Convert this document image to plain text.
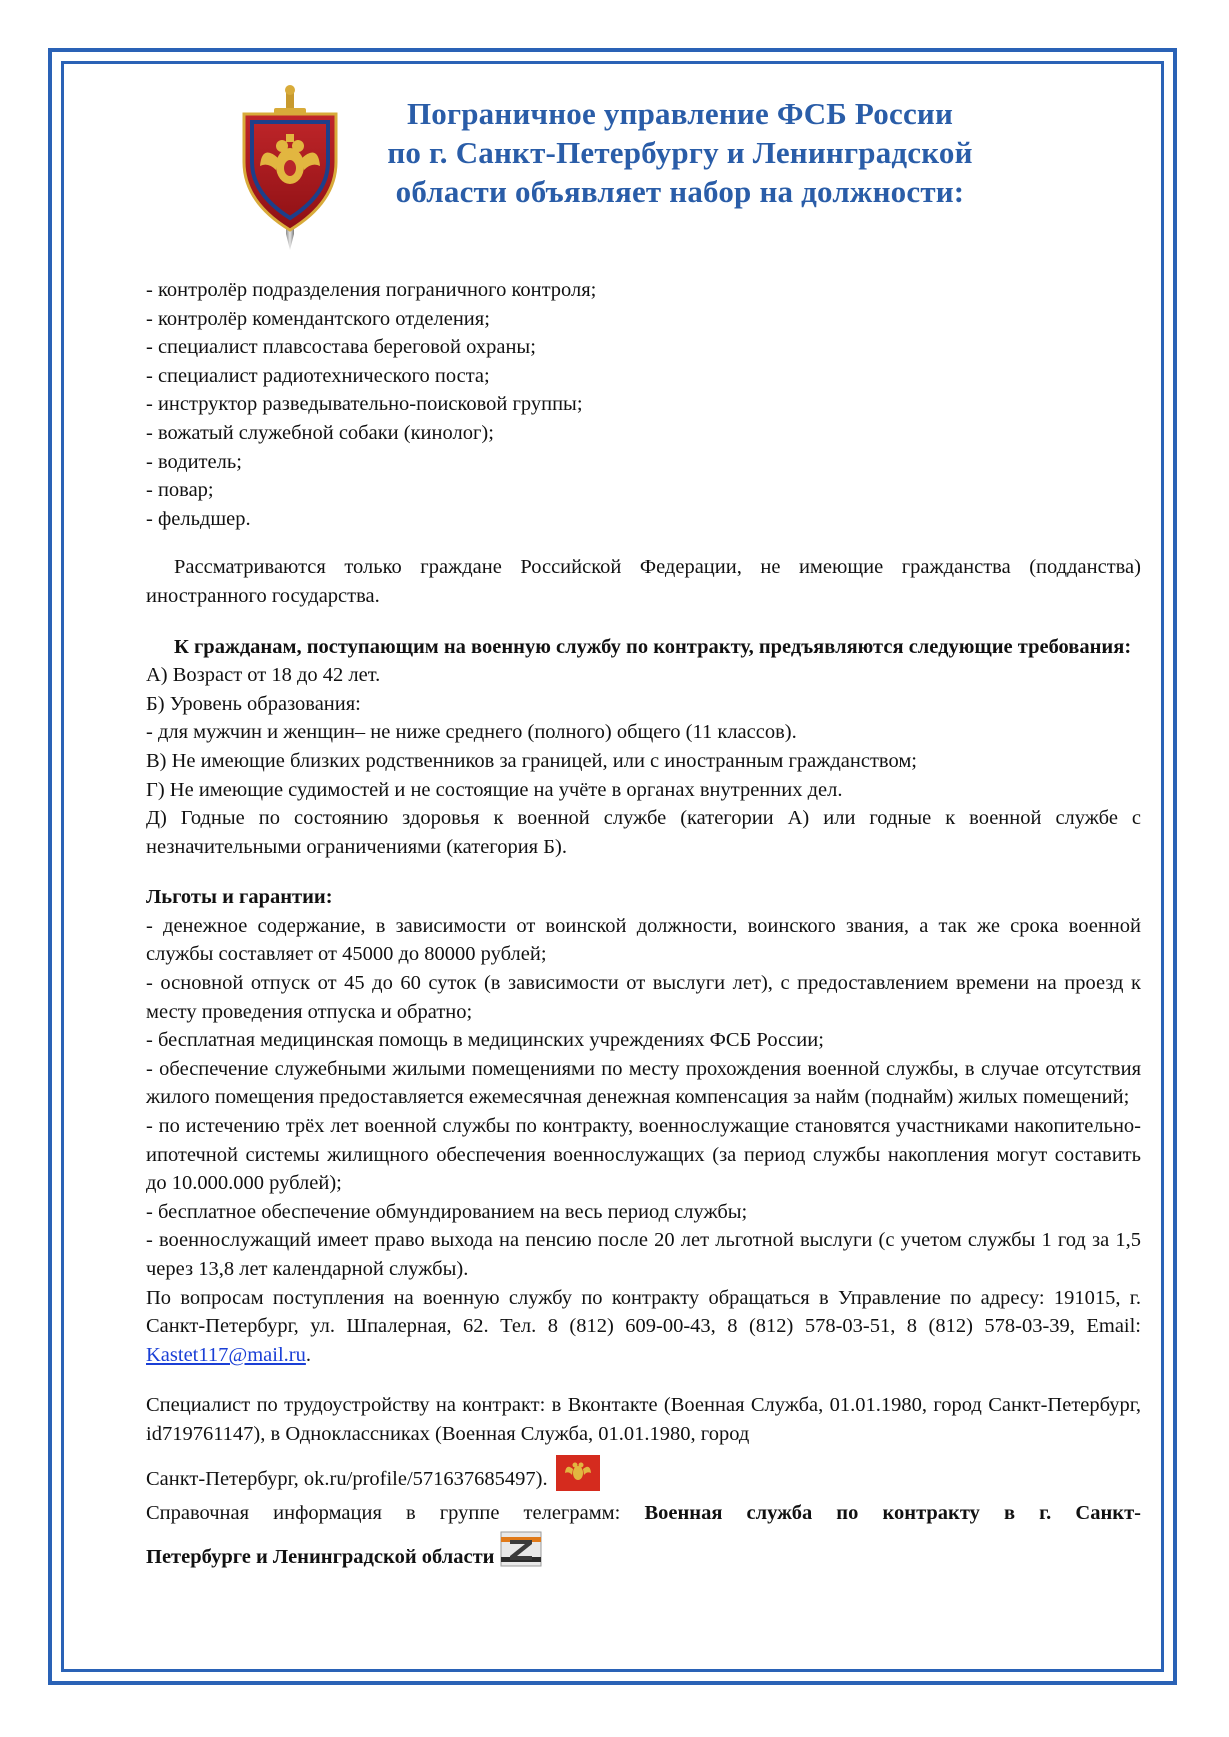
Пограничное управление ФСБ России
по г. Санкт-Петербургу и Ленинградской
области объявляет набор на должности:
- контролёр подразделения пограничного контроля;
- контролёр комендантского отделения;
- специалист плавсостава береговой охраны;
- специалист радиотехнического поста;
- инструктор разведывательно-поисковой группы;
- вожатый служебной собаки (кинолог);
- водитель;
- повар;
- фельдшер.

Рассматриваются только граждане Российской Федерации, не имеющие гражданства (подданства) иностранного государства.

К гражданам, поступающим на военную службу по контракту, предъявляются следующие требования:

А) Возраст от 18 до 42 лет.
Б) Уровень образования:
- для мужчин и женщин– не ниже среднего (полного) общего (11 классов).
В) Не имеющие близких родственников за границей, или с иностранным гражданством;
Г) Не имеющие судимостей и не состоящие на учёте в органах внутренних дел.
Д) Годные по состоянию здоровья к военной службе (категории А) или годные к военной службе с незначительными ограничениями (категория Б).

Льготы и гарантии:

- денежное содержание, в зависимости от воинской должности, воинского звания, а так же срока военной службы составляет от 45000 до 80000 рублей;
- основной отпуск от 45 до 60 суток (в зависимости от выслуги лет), с предоставлением времени на проезд к месту проведения отпуска и обратно;
- бесплатная медицинская помощь в медицинских учреждениях ФСБ России;
- обеспечение служебными жилыми помещениями по месту прохождения военной службы, в случае отсутствия жилого помещения предоставляется ежемесячная денежная компенсация за найм (поднайм) жилых помещений;
- по истечению трёх лет военной службы по контракту, военнослужащие становятся участниками накопительно-ипотечной системы жилищного обеспечения военнослужащих (за период службы накопления могут составить до 10.000.000 рублей);
- бесплатное обеспечение обмундированием на весь период службы;
- военнослужащий имеет право выхода на пенсию после 20 лет льготной выслуги (с учетом службы 1 год за 1,5 через 13,8 лет календарной службы).

По вопросам поступления на военную службу по контракту обращаться в Управление по адресу: 191015, г. Санкт-Петербург, ул. Шпалерная, 62. Тел. 8 (812) 609-00-43, 8 (812) 578-03-51, 8 (812) 578-03-39, Email: Kastet117@mail.ru.

Специалист по трудоустройству на контракт: в Вконтакте (Военная Служба, 01.01.1980, город Санкт-Петербург, id719761147), в Одноклассниках (Военная Служба, 01.01.1980, город

Санкт-Петербург, ok.ru/profile/571637685497).
Справочная информация в группе телеграмм: Военная служба по контракту в г. Санкт-
Петербурге и Ленинградской области
